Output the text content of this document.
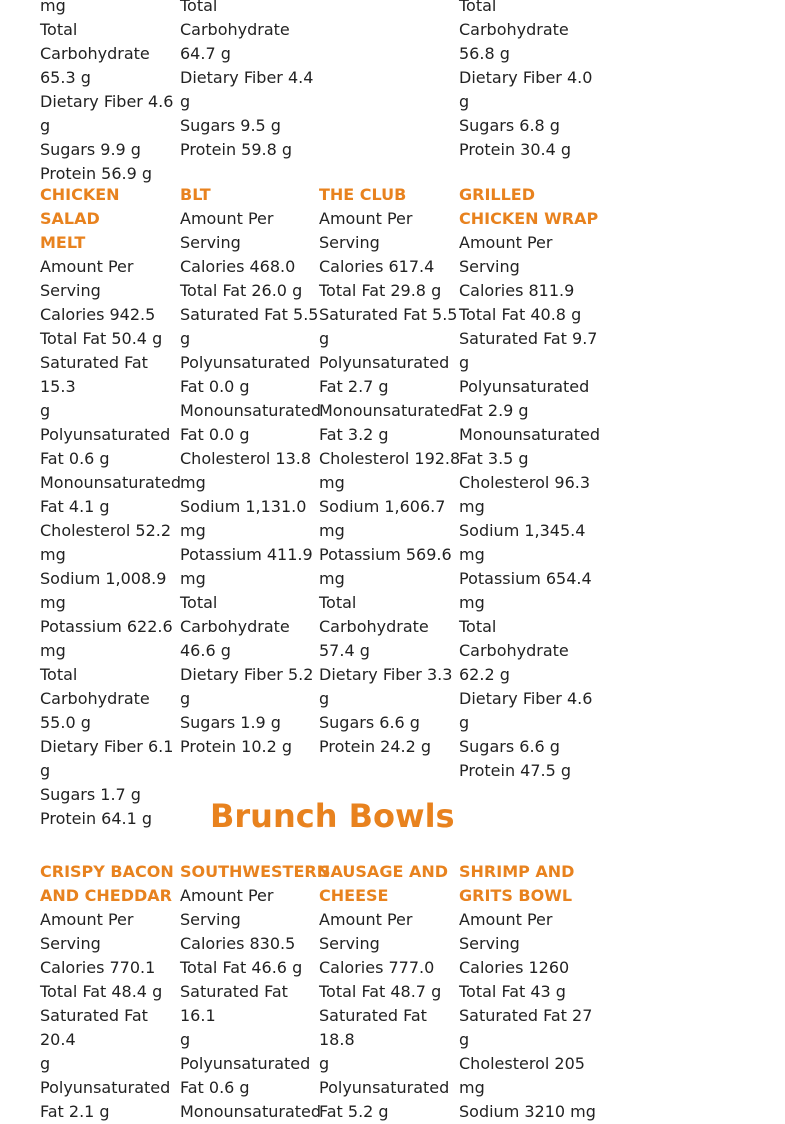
mg
Total
Carbohydrate
65.3 g
Dietary Fiber 4.6 g
Sugars 9.9 g
Protein 56.9 g
Total
Carbohydrate
64.7 g
Dietary Fiber 4.4 g
Sugars 9.5 g
Protein 59.8 g
Total
Carbohydrate
56.8 g
Dietary Fiber 4.0 g
Sugars 6.8 g
Protein 30.4 g
CHICKEN SALAD
MELT
Amount Per
Serving
Calories 942.5
Total Fat 50.4 g
Saturated Fat 15.3
g
Polyunsaturated
Fat 0.6 g
Monounsaturated
Fat 4.1 g
Cholesterol 52.2
mg
Sodium 1,008.9
mg
Potassium 622.6
mg
Total
Carbohydrate
55.0 g
Dietary Fiber 6.1 g
Sugars 1.7 g
Protein 64.1 g
BLT
Amount Per
Serving
Calories 468.0
Total Fat 26.0 g
Saturated Fat 5.5
g
Polyunsaturated
Fat 0.0 g
Monounsaturated
Fat 0.0 g
Cholesterol 13.8
mg
Sodium 1,131.0
mg
Potassium 411.9
mg
Total
Carbohydrate
46.6 g
Dietary Fiber 5.2 g
Sugars 1.9 g
Protein 10.2 g
THE CLUB
Amount Per
Serving
Calories 617.4
Total Fat 29.8 g
Saturated Fat 5.5
g
Polyunsaturated
Fat 2.7 g
Monounsaturated
Fat 3.2 g
Cholesterol 192.8
mg
Sodium 1,606.7
mg
Potassium 569.6
mg
Total
Carbohydrate
57.4 g
Dietary Fiber 3.3 g
Sugars 6.6 g
Protein 24.2 g
GRILLED
CHICKEN WRAP
Amount Per
Serving
Calories 811.9
Total Fat 40.8 g
Saturated Fat 9.7
g
Polyunsaturated
Fat 2.9 g
Monounsaturated
Fat 3.5 g
Cholesterol 96.3
mg
Sodium 1,345.4
mg
Potassium 654.4
mg
Total
Carbohydrate
62.2 g
Dietary Fiber 4.6 g
Sugars 6.6 g
Protein 47.5 g
Brunch Bowls
CRISPY BACON
AND CHEDDAR
Amount Per
Serving
Calories 770.1
Total Fat 48.4 g
Saturated Fat 20.4
g
Polyunsaturated
Fat 2.1 g
SOUTHWESTERN
Amount Per
Serving
Calories 830.5
Total Fat 46.6 g
Saturated Fat 16.1
g
Polyunsaturated
Fat 0.6 g
Monounsaturated
SAUSAGE AND
CHEESE
Amount Per
Serving
Calories 777.0
Total Fat 48.7 g
Saturated Fat 18.8
g
Polyunsaturated
Fat 5.2 g
SHRIMP AND
GRITS BOWL
Amount Per
Serving
Calories 1260
Total Fat 43 g
Saturated Fat 27 g
Cholesterol 205
mg
Sodium 3210 mg
